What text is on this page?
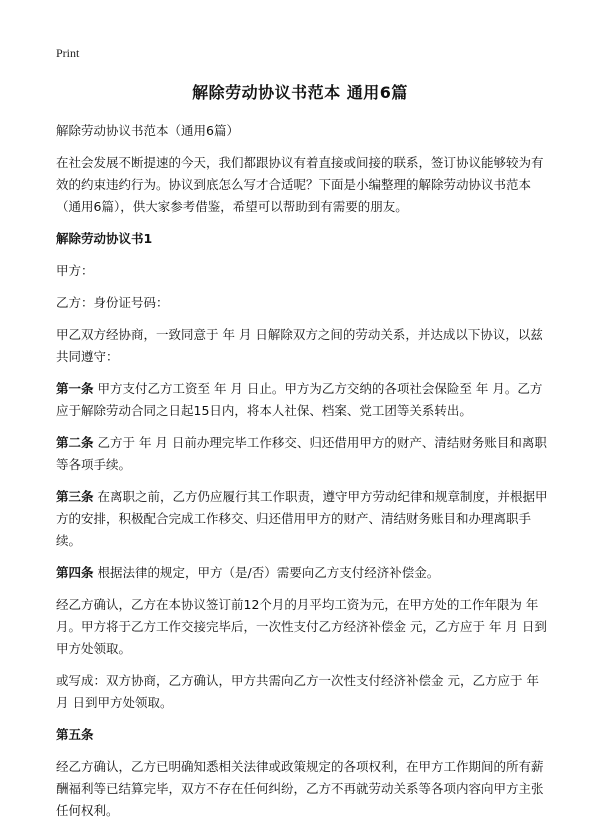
Print
解除劳动协议书范本 通用6篇

解除劳动协议书范本（通用6篇）

在社会发展不断提速的今天，我们都跟协议有着直接或间接的联系，签订协议能够较为有效的约束违约行为。协议到底怎么写才合适呢？下面是小编整理的解除劳动协议书范本（通用6篇），供大家参考借鉴，希望可以帮助到有需要的朋友。

解除劳动协议书1

甲方：

乙方：身份证号码：

甲乙双方经协商，一致同意于 年 月 日解除双方之间的劳动关系，并达成以下协议，以兹共同遵守：

第一条 甲方支付乙方工资至 年 月 日止。甲方为乙方交纳的各项社会保险至 年 月。乙方应于解除劳动合同之日起15日内，将本人社保、档案、党工团等关系转出。

第二条 乙方于 年 月 日前办理完毕工作移交、归还借用甲方的财产、清结财务账目和离职等各项手续。

第三条 在离职之前，乙方仍应履行其工作职责，遵守甲方劳动纪律和规章制度，并根据甲方的安排，积极配合完成工作移交、归还借用甲方的财产、清结财务账目和办理离职手续。

第四条 根据法律的规定，甲方（是/否）需要向乙方支付经济补偿金。

经乙方确认，乙方在本协议签订前12个月的月平均工资为元，在甲方处的工作年限为 年 月。甲方将于乙方工作交接完毕后，一次性支付乙方经济补偿金 元，乙方应于 年 月 日到甲方处领取。

或写成：双方协商，乙方确认，甲方共需向乙方一次性支付经济补偿金 元，乙方应于 年 月 日到甲方处领取。

第五条

经乙方确认，乙方已明确知悉相关法律或政策规定的各项权利，在甲方工作期间的所有薪酬福利等已结算完毕，双方不存在任何纠纷，乙方不再就劳动关系等各项内容向甲方主张任何权利。
